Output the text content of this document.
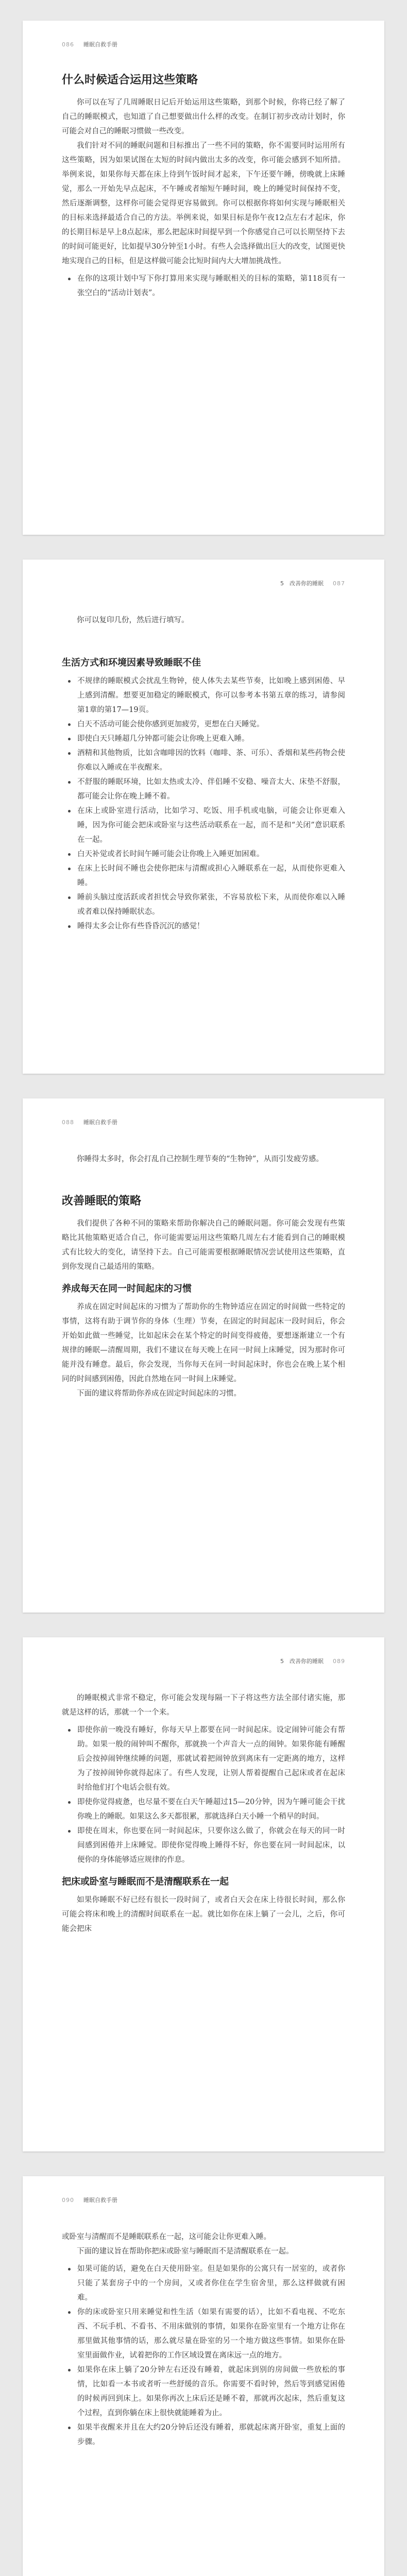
086 睡眠自救手册
什么时候适合运用这些策略

你可以在写了几周睡眠日记后开始运用这些策略，到那个时候，你将已经了解了自己的睡眠模式，也知道了自己想要做出什么样的改变。在制订初步改动计划时，你可能会对自己的睡眠习惯做一些改变。

我们针对不同的睡眠问题和目标推出了一些不同的策略，你不需要同时运用所有这些策略，因为如果试图在太短的时间内做出太多的改变，你可能会感到不知所措。举例来说，如果你每天都在床上待到午饭时间才起来，下午还要午睡，傍晚就上床睡觉，那么一开始先早点起床，不午睡或者缩短午睡时间，晚上的睡觉时间保持不变，然后逐渐调整，这样你可能会觉得更容易做到。你可以根据你将如何实现与睡眠相关的目标来选择最适合自己的方法。举例来说，如果目标是你午夜12点左右才起床，你的长期目标是早上8点起床，那么把起床时间提早到一个你感觉自己可以长期坚持下去的时间可能更好，比如提早30分钟至1小时。有些人会选择做出巨大的改变，试图更快地实现自己的目标，但是这样做可能会比短时间内大大增加挑战性。

在你的这项计划中写下你打算用来实现与睡眠相关的目标的策略，第118页有一张空白的“活动计划表”。
5　改善你的睡眠 087

你可以复印几份，然后进行填写。

生活方式和环境因素导致睡眠不佳
不规律的睡眠模式会扰乱生物钟，使人体失去某些节奏，比如晚上感到困倦、早上感到清醒。想要更加稳定的睡眠模式，你可以参考本书第五章的练习，请参阅第1章的第17—19页。
白天不活动可能会使你感到更加疲劳，更想在白天睡觉。
即使白天只睡超几分钟都可能会让你晚上更难入睡。
酒精和其他物质，比如含咖啡因的饮料（咖啡、茶、可乐）、香烟和某些药物会使你难以入睡或在半夜醒来。
不舒服的睡眠环境，比如太热或太冷、伴侣睡不安稳、噪音太大、床垫不舒服，都可能会让你在晚上睡不着。
在床上或卧室进行活动，比如学习、吃饭、用手机或电脑，可能会让你更难入睡，因为你可能会把床或卧室与这些活动联系在一起，而不是和“关闭”意识联系在一起。
白天补觉或者长时间午睡可能会让你晚上入睡更加困难。
在床上长时间不睡也会使你把床与清醒或担心入睡联系在一起，从而使你更难入睡。
睡前头脑过度活跃或者担忧会导致你紧张，不容易放松下来，从而使你难以入睡或者难以保持睡眠状态。
睡得太多会让你有些昏昏沉沉的感觉！
088 睡眠自救手册

你睡得太多时，你会打乱自己控制生理节奏的“生物钟”，从而引发疲劳感。

改善睡眠的策略

我们提供了各种不同的策略来帮助你解决自己的睡眠问题。你可能会发现有些策略比其他策略更适合自己，你可能需要运用这些策略几周左右才能看到自己的睡眠模式有比较大的变化，请坚持下去。自己可能需要根据睡眠情况尝试使用这些策略，直到你发现自己最适用的策略。

养成每天在同一时间起床的习惯

养成在固定时间起床的习惯为了帮助你的生物钟适应在固定的时间做一些特定的事情，这将有助于调节你的身体（生理）节奏，在固定的时间起床一段时间后，你会开始如此做一些睡觉，比如起床会在某个特定的时间变得疲倦，要想逐渐建立一个有规律的睡眠—清醒周期，我们不建议在每天晚上在同一时间上床睡觉，因为那时你可能并没有睡意。最后，你会发现，当你每天在同一时间起床时，你也会在晚上某个相同的时间感到困倦，因此自然地在同一时间上床睡觉。

下面的建议将帮助你养成在固定时间起床的习惯。

5　改善你的睡眠 089

的睡眠模式非常不稳定，你可能会发现每隔一下子将这些方法全部付诸实施，那就是这样的话，那就一个一个来。

即使你前一晚没有睡好，你每天早上都要在同一时间起床。设定闹钟可能会有帮助。如果一般的闹钟叫不醒你，那就换一个声音大一点的闹钟。如果你能有睡醒后会按掉闹钟继续睡的问题，那就试着把闹钟放到离床有一定距离的地方，这样为了按掉闹钟你就得起床了。有些人发现，让别人帮着提醒自己起床或者在起床时给他们打个电话会很有效。
即使你觉得疲惫，也尽量不要在白天午睡超过15—20分钟，因为午睡可能会干扰你晚上的睡眠。如果这么多天都很累，那就选择白天小睡一个稍早的时间。
即使在周末，你也要在同一时间起床，只要你这么做了，你就会在每天的同一时间感到困倦并上床睡觉。即使你觉得晚上睡得不好，你也要在同一时间起床，以便你的身体能够适应规律的作息。
把床或卧室与睡眠而不是清醒联系在一起

如果你睡眠不好已经有很长一段时间了，或者白天会在床上待很长时间，那么你可能会将床和晚上的清醒时间联系在一起。就比如你在床上躺了一会儿，之后，你可能会把床

090 睡眠自救手册

或卧室与清醒而不是睡眠联系在一起，这可能会让你更难入睡。

下面的建议旨在帮助你把床或卧室与睡眠而不是清醒联系在一起。

如果可能的话，避免在白天使用卧室。但是如果你的公寓只有一居室的，或者你只能了某套房子中的一个房间，又或者你住在学生宿舍里，那么这样做就有困难。
你的床或卧室只用来睡觉和性生活（如果有需要的话），比如不看电视、不吃东西、不玩手机、不看书、不用床做别的事情，如果你在卧室里有一个地方让你在那里做其他事情的话，那么就尽量在卧室的另一个地方做这些事情。如果你在卧室里面做作业，试着把你的工作区域设置在离床远一点的地方。
如果你在床上躺了20分钟左右还没有睡着，就起床到别的房间做一些放松的事情，比如看一本书或者听一些舒缓的音乐。你需要不看时钟，然后等到感觉困倦的时候再回到床上。如果你再次上床后还是睡不着，那就再次起床，然后重复这个过程，直到你躺在床上很快就能睡着为止。
如果半夜醒来并且在大约20分钟后还没有睡着，那就起床离开卧室，重复上面的步骤。
